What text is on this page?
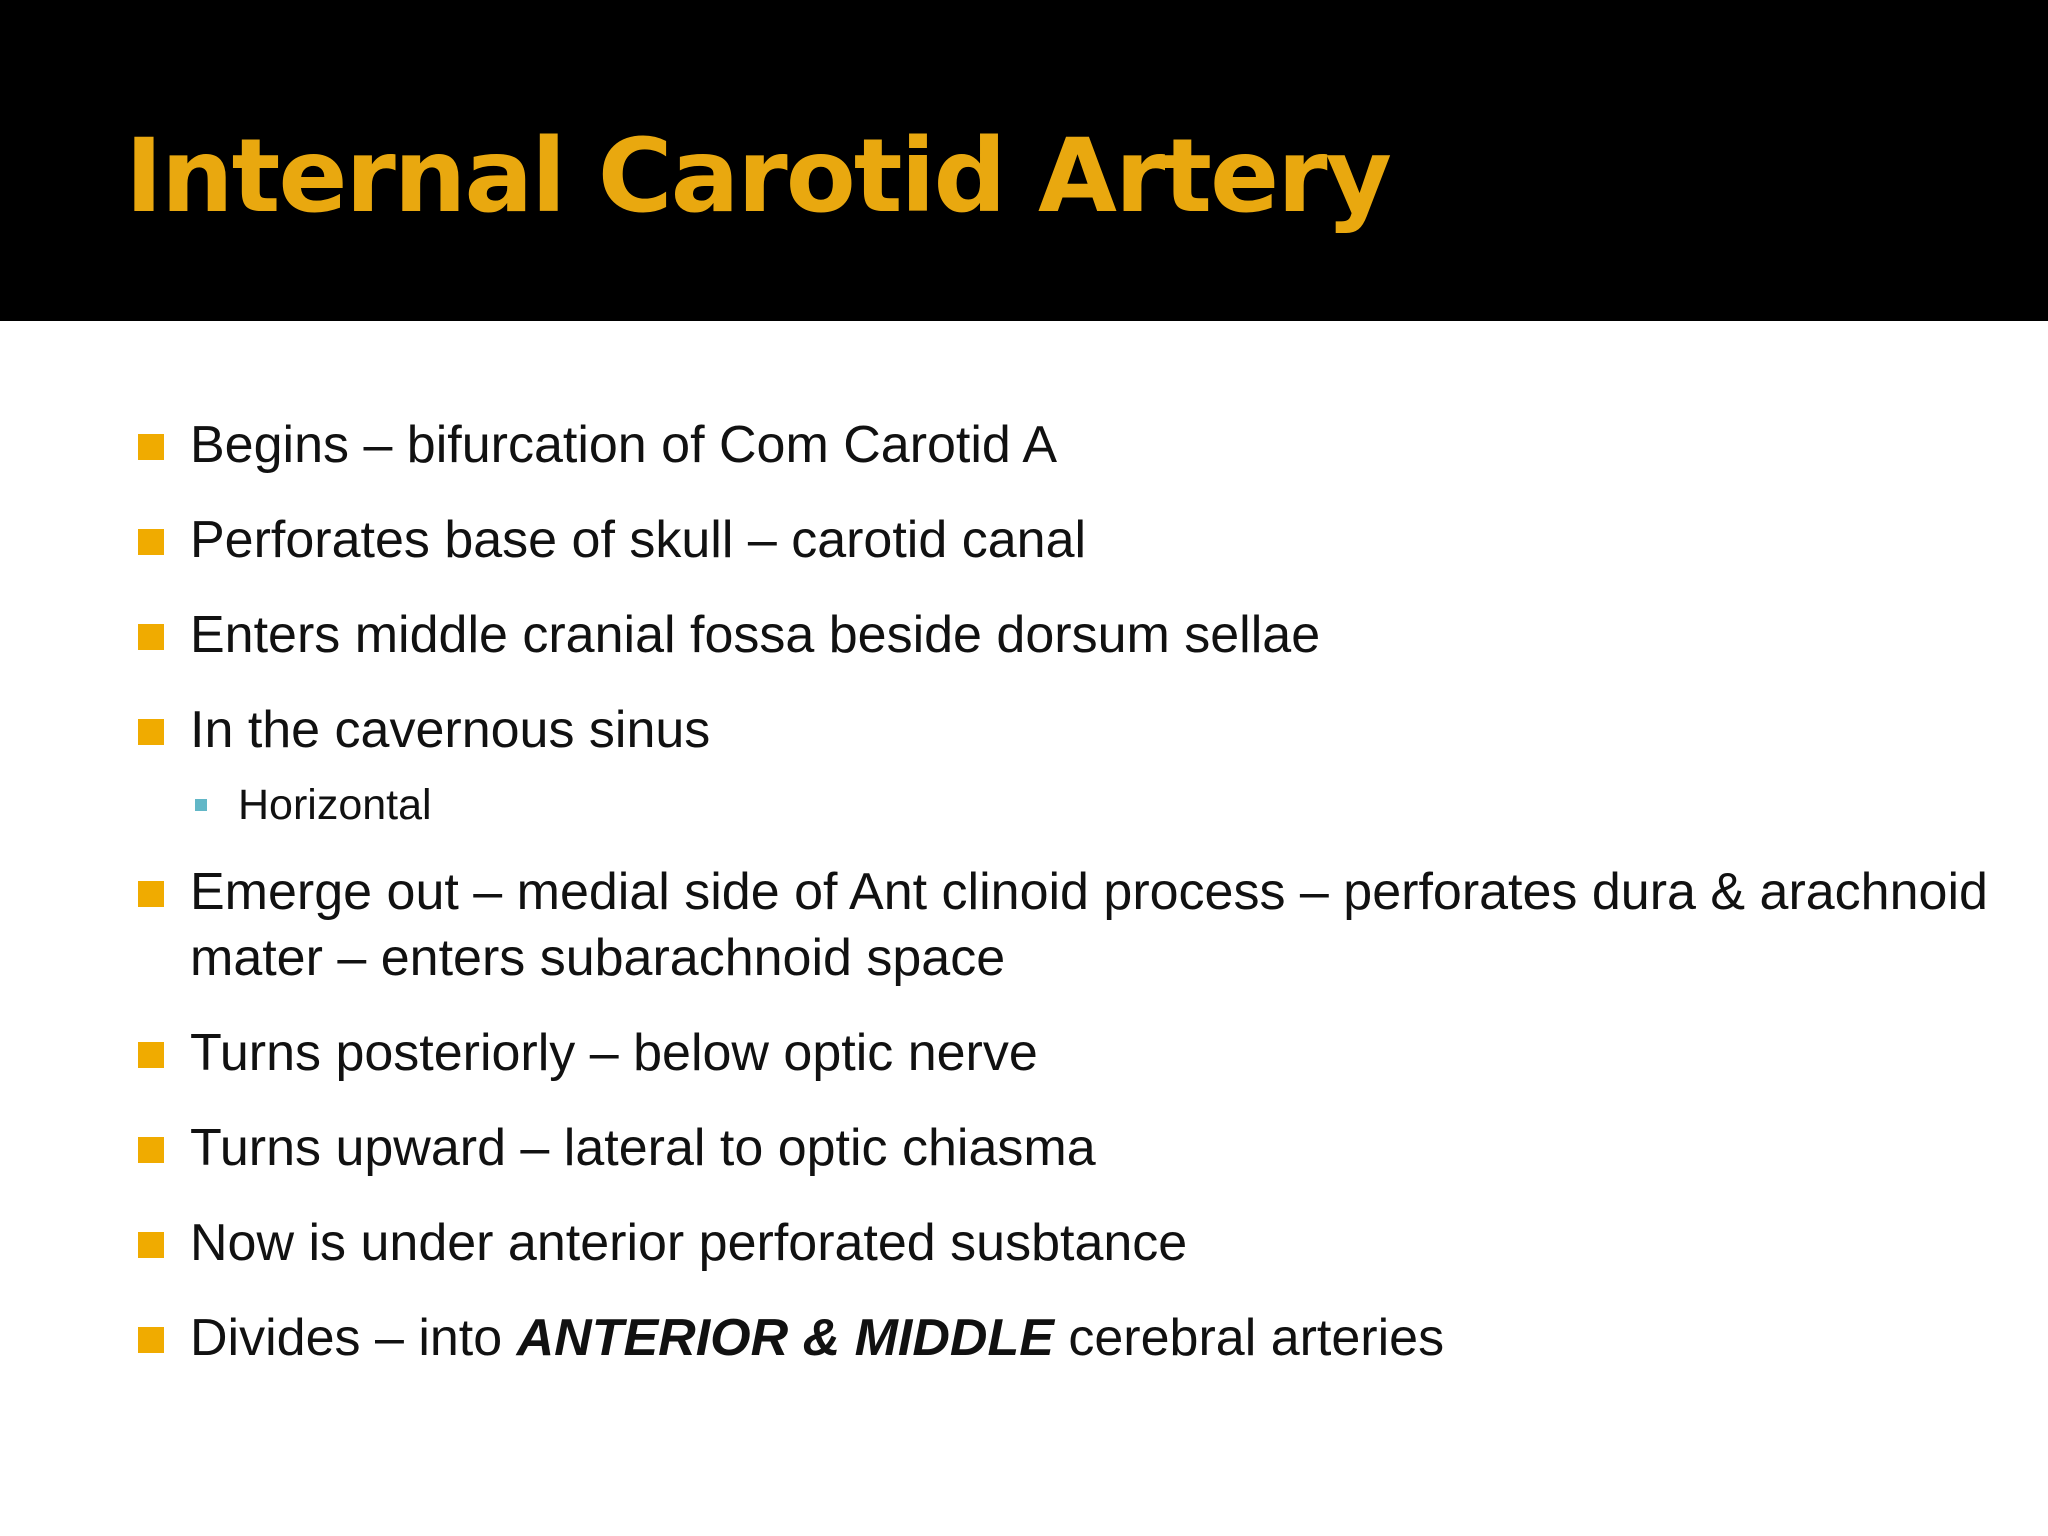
Internal Carotid Artery
Begins – bifurcation of Com Carotid A
Perforates base of skull – carotid canal
Enters middle cranial fossa beside dorsum sellae
In the cavernous sinus
Horizontal
Emerge out – medial side of Ant clinoid process – perforates dura & arachnoid mater – enters subarachnoid space
Turns posteriorly – below optic nerve
Turns upward – lateral to optic chiasma
Now is under anterior perforated susbtance
Divides – into ANTERIOR & MIDDLE cerebral arteries
